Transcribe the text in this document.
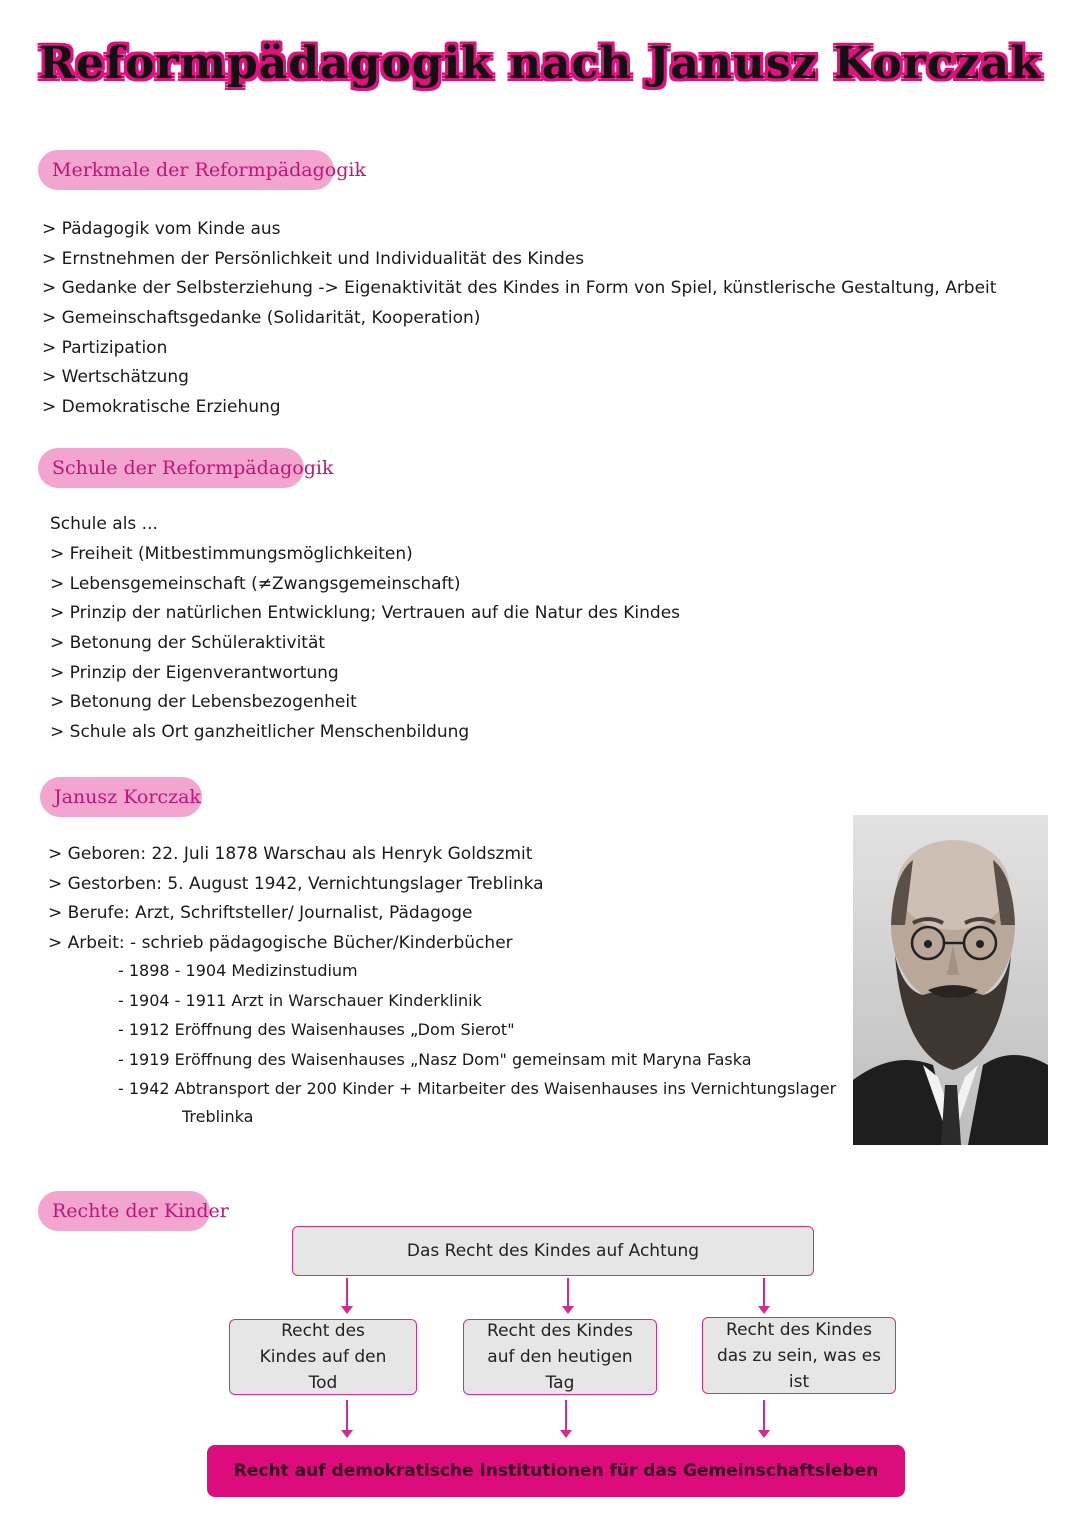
Reformpädagogik nach Janusz Korczak
Merkmale der Reformpädagogik
> Pädagogik vom Kinde aus
> Ernstnehmen der Persönlichkeit und Individualität des Kindes
> Gedanke der Selbsterziehung -> Eigenaktivität des Kindes in Form von Spiel, künstlerische Gestaltung, Arbeit
> Gemeinschaftsgedanke (Solidarität, Kooperation)
> Partizipation
> Wertschätzung
> Demokratische Erziehung
Schule der Reformpädagogik
Schule als ...
> Freiheit (Mitbestimmungsmöglichkeiten)
> Lebensgemeinschaft (≠Zwangsgemeinschaft)
> Prinzip der natürlichen Entwicklung; Vertrauen auf die Natur des Kindes
> Betonung der Schüleraktivität
> Prinzip der Eigenverantwortung
> Betonung der Lebensbezogenheit
> Schule als Ort ganzheitlicher Menschenbildung
Janusz Korczak
> Geboren: 22. Juli 1878 Warschau als Henryk Goldszmit
> Gestorben: 5. August 1942, Vernichtungslager Treblinka
> Berufe: Arzt, Schriftsteller/ Journalist, Pädagoge
> Arbeit: - schrieb pädagogische Bücher/Kinderbücher
- 1898 - 1904 Medizinstudium
- 1904 - 1911 Arzt in Warschauer Kinderklinik
- 1912 Eröffnung des Waisenhauses „Dom Sierot"
- 1919 Eröffnung des Waisenhauses „Nasz Dom" gemeinsam mit Maryna Faska
- 1942 Abtransport der 200 Kinder + Mitarbeiter des Waisenhauses ins Vernichtungslager
Treblinka
Rechte der Kinder
Das Recht des Kindes auf Achtung
Recht des Kindes auf den Tod
Recht des Kindes auf den heutigen Tag
Recht des Kindes das zu sein, was es ist
Recht auf demokratische Institutionen für das Gemeinschaftsleben
